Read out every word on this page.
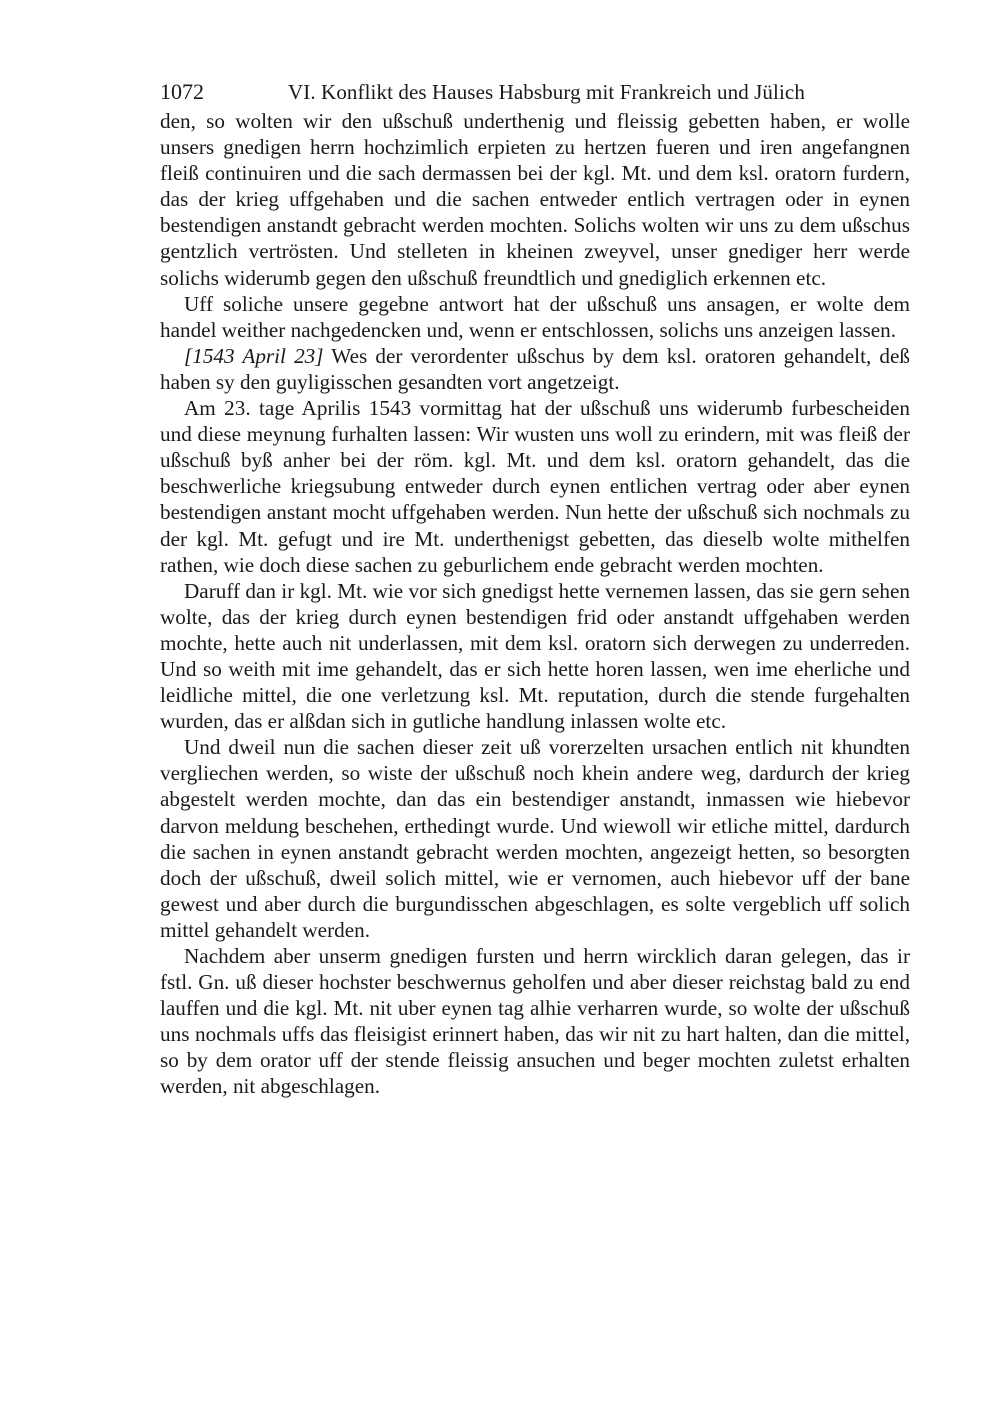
1072	VI. Konflikt des Hauses Habsburg mit Frankreich und Jülich

den, so wolten wir den ußschuß underthenig und fleissig gebetten haben, er wolle unsers gnedigen herrn hochzimlich erpieten zu hertzen fueren und iren angefangnen fleiß continuiren und die sach dermassen bei der kgl. Mt. und dem ksl. oratorn furdern, das der krieg uffgehaben und die sachen entweder entlich vertragen oder in eynen bestendigen anstandt gebracht werden mochten. Solichs wolten wir uns zu dem ußschus gentzlich vertrösten. Und stelleten in kheinen zweyvel, unser gnediger herr werde solichs widerumb gegen den ußschuß freundtlich und gnediglich erkennen etc.

Uff soliche unsere gegebne antwort hat der ußschuß uns ansagen, er wolte dem handel weither nachgedencken und, wenn er entschlossen, solichs uns anzeigen lassen.

[1543 April 23] Wes der verordenter ußschus by dem ksl. oratoren gehandelt, deß haben sy den guyligisschen gesandten vort angetzeigt.

Am 23. tage Aprilis 1543 vormittag hat der ußschuß uns widerumb furbescheiden und diese meynung furhalten lassen: Wir wusten uns woll zu erindern, mit was fleiß der ußschuß byß anher bei der röm. kgl. Mt. und dem ksl. oratorn gehandelt, das die beschwerliche kriegsubung entweder durch eynen entlichen vertrag oder aber eynen bestendigen anstant mocht uffgehaben werden. Nun hette der ußschuß sich nochmals zu der kgl. Mt. gefugt und ire Mt. underthenigst gebetten, das dieselb wolte mithelfen rathen, wie doch diese sachen zu geburlichem ende gebracht werden mochten.

Daruff dan ir kgl. Mt. wie vor sich gnedigst hette vernemen lassen, das sie gern sehen wolte, das der krieg durch eynen bestendigen frid oder anstandt uffgehaben werden mochte, hette auch nit underlassen, mit dem ksl. oratorn sich derwegen zu underreden. Und so weith mit ime gehandelt, das er sich hette horen lassen, wen ime eherliche und leidliche mittel, die one verletzung ksl. Mt. reputation, durch die stende furgehalten wurden, das er alßdan sich in gutliche handlung inlassen wolte etc.

Und dweil nun die sachen dieser zeit uß vorerzelten ursachen entlich nit khundten vergliechen werden, so wiste der ußschuß noch khein andere weg, dardurch der krieg abgestelt werden mochte, dan das ein bestendiger anstandt, inmassen wie hiebevor darvon meldung beschehen, erthedingt wurde. Und wiewoll wir etliche mittel, dardurch die sachen in eynen anstandt gebracht werden mochten, angezeigt hetten, so besorgten doch der ußschuß, dweil solich mittel, wie er vernomen, auch hiebevor uff der bane gewest und aber durch die burgundisschen abgeschlagen, es solte vergeblich uff solich mittel gehandelt werden.

Nachdem aber unserm gnedigen fursten und herrn wircklich daran gelegen, das ir fstl. Gn. uß dieser hochster beschwernus geholfen und aber dieser reichstag bald zu end lauffen und die kgl. Mt. nit uber eynen tag alhie verharren wurde, so wolte der ußschuß uns nochmals uffs das fleisigist erinnert haben, das wir nit zu hart halten, dan die mittel, so by dem orator uff der stende fleissig ansuchen und beger mochten zuletst erhalten werden, nit abgeschlagen.
